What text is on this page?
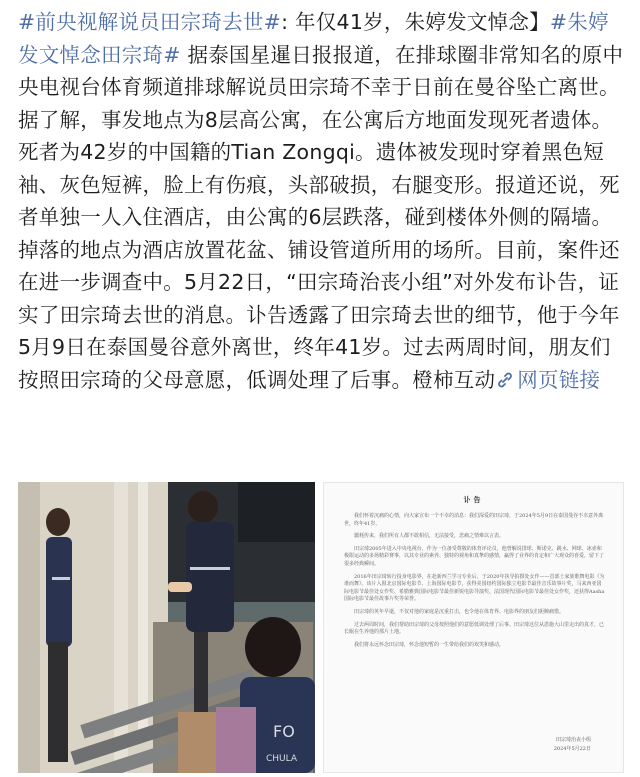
#前央视解说员田宗琦去世#: 年仅41岁，朱婷发文悼念】#朱婷发文悼念田宗琦# 据泰国星暹日报报道，在排球圈非常知名的原中央电视台体育频道排球解说员田宗琦不幸于日前在曼谷坠亡离世。据了解，事发地点为8层高公寓，在公寓后方地面发现死者遗体。死者为42岁的中国籍的Tian Zongqi。遗体被发现时穿着黑色短袖、灰色短裤，脸上有伤痕，头部破损，右腿变形。报道还说，死者单独一人入住酒店，由公寓的6层跌落，碰到楼体外侧的隔墙。掉落的地点为酒店放置花盆、铺设管道所用的场所。目前，案件还在进一步调查中。5月22日，“田宗琦治丧小组”对外发布讣告，证实了田宗琦去世的消息。讣告透露了田宗琦去世的细节，他于今年5月9日在泰国曼谷意外离世，终年41岁。过去两周时间，朋友们按照田宗琦的父母意愿，低调处理了后事。橙柿互动 网页链接
FO
CHULA
讣告

我们怀着沉痛的心情，向大家宣布一个不幸的消息：我们深爱的田宗琦，于2024年5月9日在泰国曼谷不幸意外离世，终年41岁。

噩耗传来，我们所有人都不敢相信，无法接受，悲痛之情难以言表。

田宗琦2005年进入中央电视台，作为一位备受尊敬的体育评论员，他曾解说排球、斯诺克、跳水、网球、冰壶和极限运动的多场精彩赛事，以其专业的素养、独特的视角和真挚的感情，赢得了业界的肯定和广大观众的喜爱，留下了很多经典瞬间。

2016年田宗琦转行投身电影界，在赴新西兰学习专业后，于2020年执导拍摄处女作——首部土家族歌舞电影《为谁而舞》。该片入围北京国际电影节、上海国际电影节，获得美国纽约国际独立电影节最佳音乐故事片奖，马来西亚国际电影节最佳处女作奖、希腊雅典国际电影节最佳新锐电影导演奖、法国现代国际电影节最佳处女作奖，还获得Aasha国际电影节最佳故事片奖等荣誉。

田宗琦的英年早逝，不仅对他的家庭是沉重打击，也令他在体育界、电影界的朋友们扼腕痛惜。

过去两周时间，我们帮助田宗琦的父母按照他们的意愿低调处理了后事。田宗琦这位从恩施大山里走出的真才，已长眠在生养他的那片土地。

我们将永远怀念田宗琦，怀念他短暂的一生带给我们的欢笑和感动。

田宗琦治丧小组
2024年5月22日
